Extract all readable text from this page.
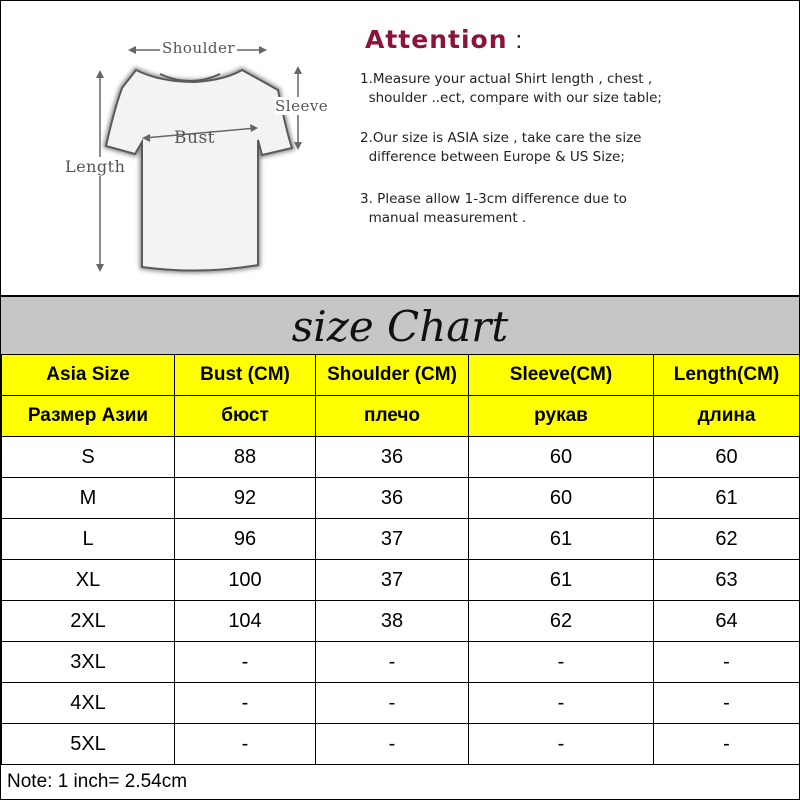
Shoulder
Sleeve
Bust
Length
Attention :
1.Measure your actual Shirt length , chest ,
shoulder ..ect, compare with our size table;
2.Our size is ASIA size , take care the size
difference between Europe & US Size;
3. Please allow 1-3cm difference due to
manual measurement .
size Chart
Asia Size	Bust (CM)	Shoulder (CM)	Sleeve(CM)	Length(CM)
Размер Азии	бюст	плечо	рукав	длина
S	88	36	60	60
M	92	36	60	61
L	96	37	61	62
XL	100	37	61	63
2XL	104	38	62	64
3XL	-	-	-	-
4XL	-	-	-	-
5XL	-	-	-	-
Note: 1 inch= 2.54cm
